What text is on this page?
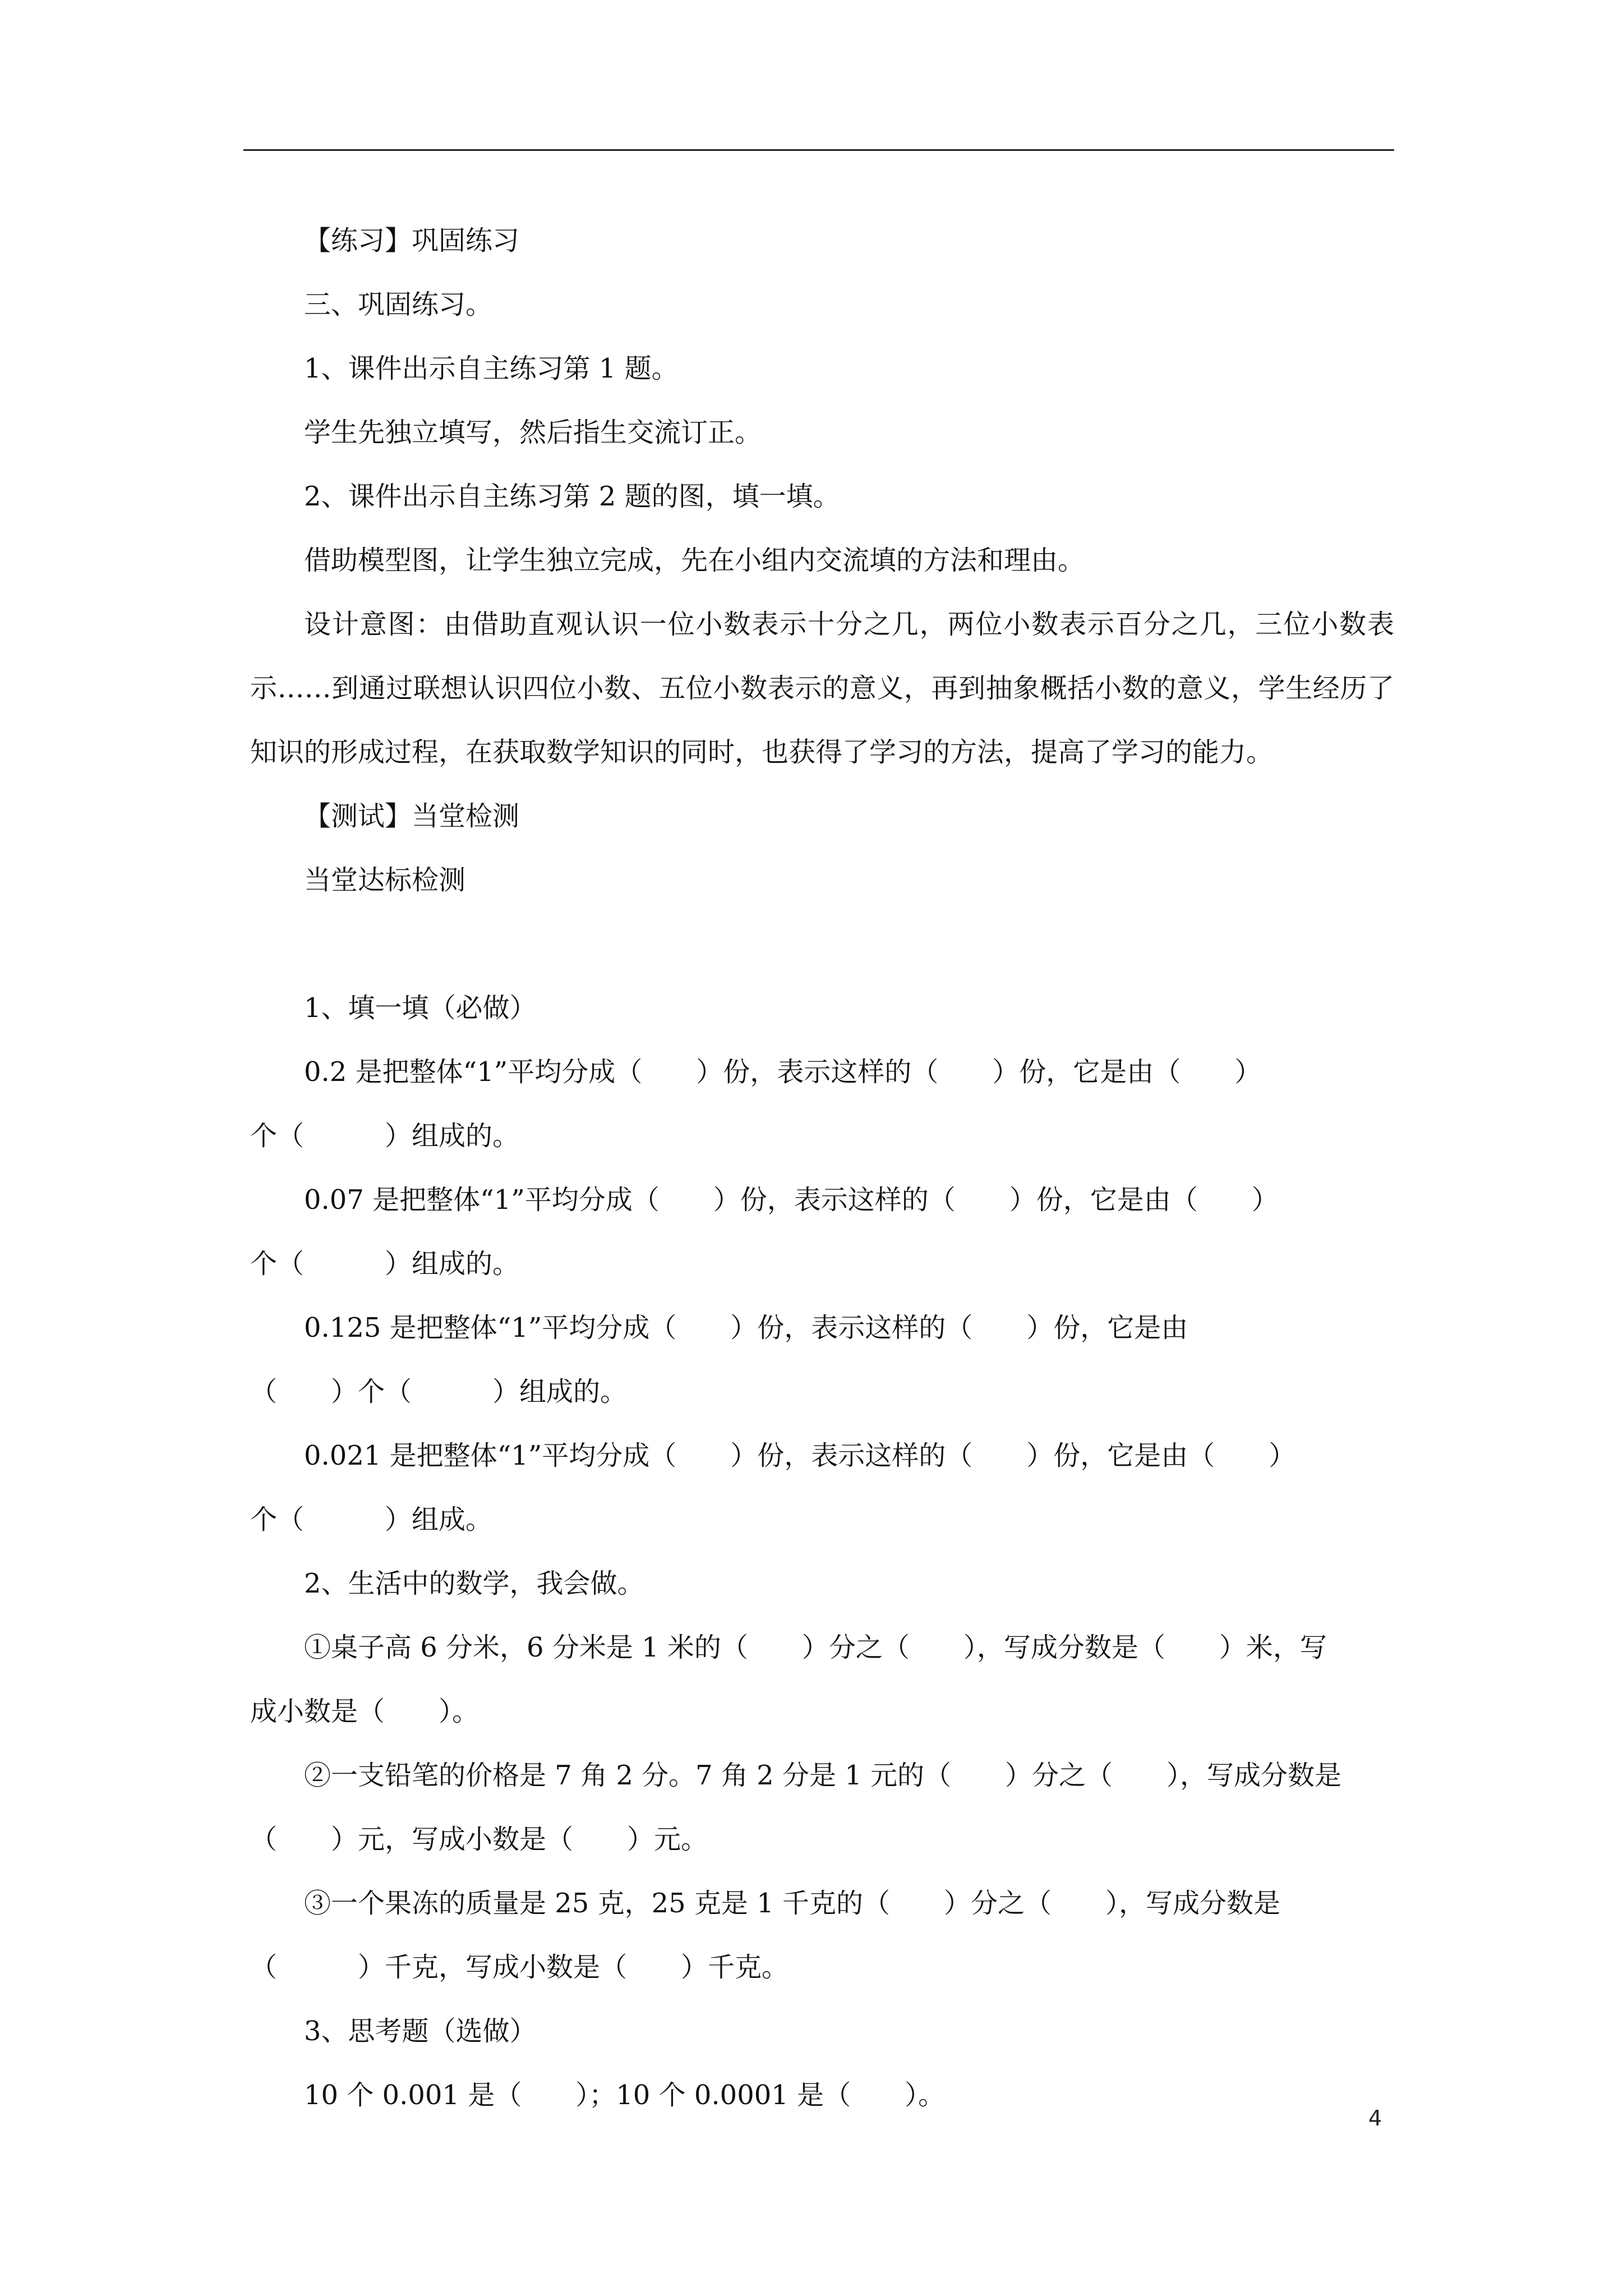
【练习】巩固练习
三、巩固练习。
1、课件出示自主练习第 1 题。
学生先独立填写，然后指生交流订正。
2、课件出示自主练习第 2 题的图，填一填。
借助模型图，让学生独立完成，先在小组内交流填的方法和理由。
设计意图：由借助直观认识一位小数表示十分之几，两位小数表示百分之几，三位小数表示……到通过联想认识四位小数、五位小数表示的意义，再到抽象概括小数的意义，学生经历了知识的形成过程，在获取数学知识的同时，也获得了学习的方法，提高了学习的能力。
【测试】当堂检测
当堂达标检测
1、填一填（必做）
0.2 是把整体“1”平均分成（　　）份，表示这样的（　　）份，它是由（　　）
个（　　　）组成的。
0.07 是把整体“1”平均分成（　　）份，表示这样的（　　）份，它是由（　　）
个（　　　）组成的。
0.125 是把整体“1”平均分成（　　）份，表示这样的（　　）份，它是由
（　　）个（　　　）组成的。
0.021 是把整体“1”平均分成（　　）份，表示这样的（　　）份，它是由（　　）
个（　　　）组成。
2、生活中的数学，我会做。
①桌子高 6 分米，6 分米是 1 米的（　　）分之（　　），写成分数是（　　）米，写
成小数是（　　）。
②一支铅笔的价格是 7 角 2 分。7 角 2 分是 1 元的（　　）分之（　　），写成分数是
（　　）元，写成小数是（　　）元。
③一个果冻的质量是 25 克，25 克是 1 千克的（　　）分之（　　），写成分数是
（　　　）千克，写成小数是（　　）千克。
3、思考题（选做）
10 个 0.001 是（　　）；10 个 0.0001 是（　　）。
4
